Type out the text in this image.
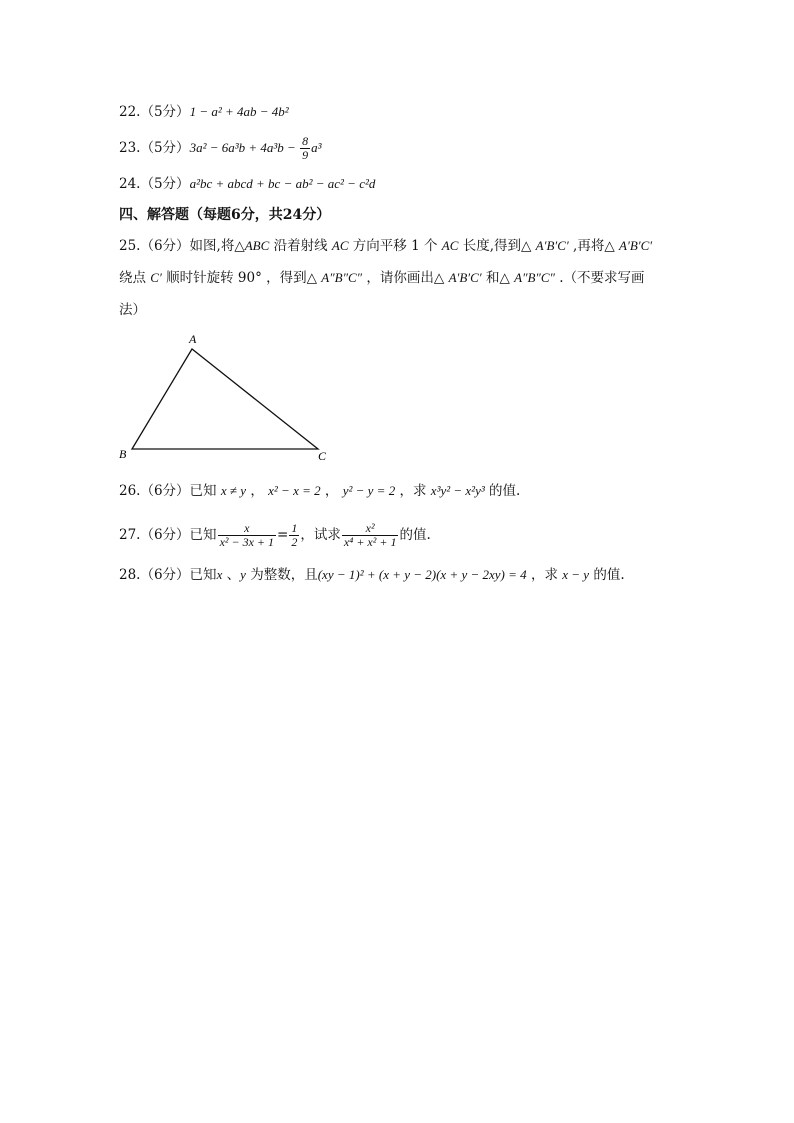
22.（5分）1 − a² + 4ab − 4b²
23.（5分）$3a^2 - 6a^3b + 4a^3b - \frac{8}{9} a^3$
24.（5分）a²bc + abcd + bc − ab² − ac² − c²d
四、解答题（每题6分，共24分）
25.（6分）如图,将△ABC 沿着射线 AC 方向平移 1 个 AC 长度,得到△ A′B′C′ ,再将△ A′B′C′
绕点 C′ 顺时针旋转 90° ，得到△ A″B″C″ ，请你画出△ A′B′C′ 和△ A″B″C″ .（不要求写画
法）
A
B	C
26.（6分）已知 x ≠ y ， x² − x = 2 ， y² − y = 2 ，求 x³y² − x²y³ 的值.
27.（6分）已知 $\frac{x}{\text{x² − 3x + 1}} = \frac{1}{2}$ ，试求 $\frac{\text{x²}}{\text{x⁴ + x² + 1}}$ 的值.
28.（6分）已知x 、y 为整数，且(xy − 1)² + (x + y − 2)(x + y − 2xy) = 4 ，求 x − y 的值.
